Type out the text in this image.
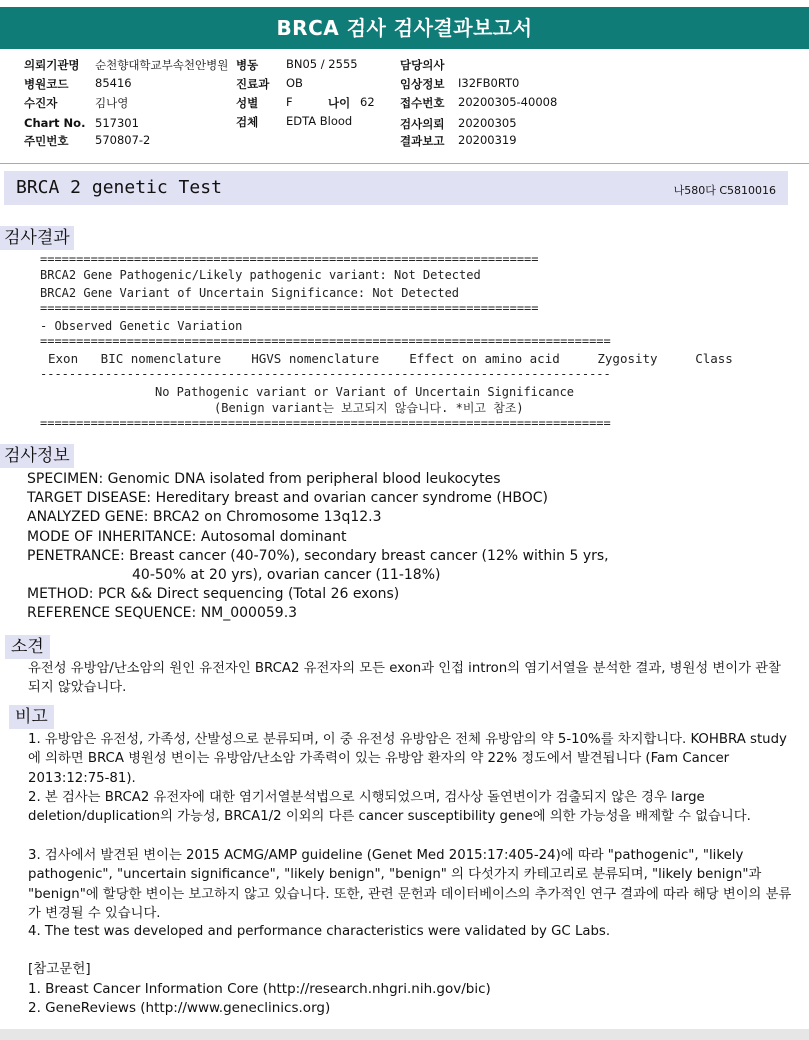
BRCA 검사 검사결과보고서
의뢰기관명 순천향대학교부속천안병원 병동 BN05 / 2555	담당의사
병원코드 85416	진료과 OB	임상정보 I32FB0RT0
수진자	김나영	성별 F	나이 62 접수번호 20200305-40008
Chart No. 517301	검체 EDTA Blood	검사의뢰 20200305
주민번호 570807-2	결과보고 20200319
BRCA 2 genetic Test	나580다 C5810016
검사결과
=====================================================================
BRCA2 Gene Pathogenic/Likely pathogenic variant: Not Detected
BRCA2 Gene Variant of Uncertain Significance: Not Detected
=====================================================================
- Observed Genetic Variation
===============================================================================
Exon   BIC nomenclature    HGVS nomenclature    Effect on amino acid     Zygosity     Class
-------------------------------------------------------------------------------
No Pathogenic variant or Variant of Uncertain Significance
(Benign variant는 보고되지 않습니다. *비고 참조)
===============================================================================
검사정보
SPECIMEN: Genomic DNA isolated from peripheral blood leukocytes
TARGET DISEASE: Hereditary breast and ovarian cancer syndrome (HBOC)
ANALYZED GENE: BRCA2 on Chromosome 13q12.3
MODE OF INHERITANCE: Autosomal dominant
PENETRANCE: Breast cancer (40-70%), secondary breast cancer (12% within 5 yrs,
40-50% at 20 yrs), ovarian cancer (11-18%)
METHOD: PCR && Direct sequencing (Total 26 exons)
REFERENCE SEQUENCE: NM_000059.3
소견
유전성 유방암/난소암의 원인 유전자인 BRCA2 유전자의 모든 exon과 인접 intron의 염기서열을 분석한 결과, 병원성 변이가 관찰되지 않았습니다.
비고
1. 유방암은 유전성, 가족성, 산발성으로 분류되며, 이 중 유전성 유방암은 전체 유방암의 약 5-10%를 차지합니다. KOHBRA study에 의하면 BRCA 병원성 변이는 유방암/난소암 가족력이 있는 유방암 환자의 약 22% 정도에서 발견됩니다 (Fam Cancer 2013:12:75-81).
2. 본 검사는 BRCA2 유전자에 대한 염기서열분석법으로 시행되었으며, 검사상 돌연변이가 검출되지 않은 경우 large deletion/duplication의 가능성, BRCA1/2 이외의 다른 cancer susceptibility gene에 의한 가능성을 배제할 수 없습니다.
3. 검사에서 발견된 변이는 2015 ACMG/AMP guideline (Genet Med 2015:17:405-24)에 따라 "pathogenic", "likely pathogenic", "uncertain significance", "likely benign", "benign" 의 다섯가지 카테고리로 분류되며, "likely benign"과 "benign"에 할당한 변이는 보고하지 않고 있습니다. 또한, 관련 문헌과 데이터베이스의 추가적인 연구 결과에 따라 해당 변이의 분류가 변경될 수 있습니다.
4. The test was developed and performance characteristics were validated by GC Labs.
[참고문헌]
1. Breast Cancer Information Core (http://research.nhgri.nih.gov/bic)
2. GeneReviews (http://www.geneclinics.org)
